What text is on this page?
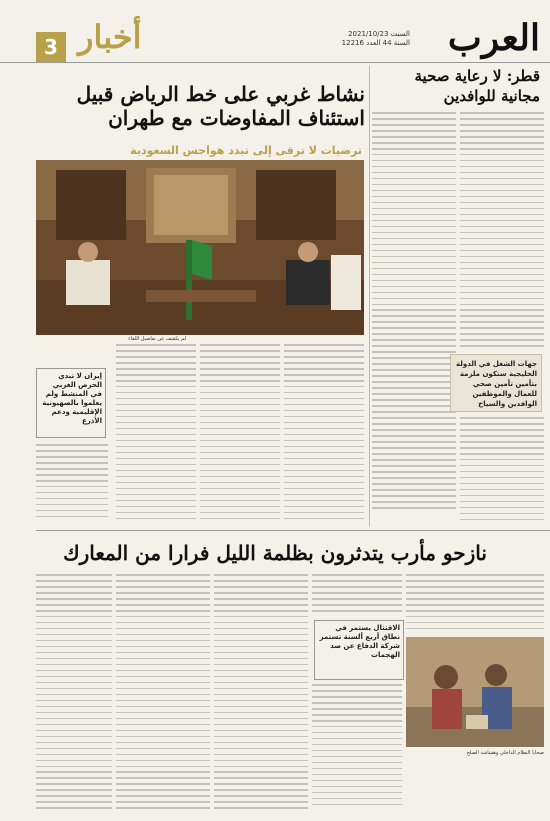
العرب
السبت 2021/10/23
السنة 44 العدد 12216
أخبار
3
قطر: لا رعاية صحية مجانية للوافدين
جهات الشغل في الدولة الخليجية ستكون ملزمة بتأمين تأمين صحي للعمال والموظفين الوافدين والسياح
نشاط غربي على خط الرياض قبيل استئناف المفاوضات مع طهران
ترضيات لا ترقى إلى تبدد هواجس السعودية
لم يكشف عن تفاصيل اللقاء
إيران لا تبدي الحرص الغربي في المنشط ولم يعلموا بالصهيونية الإقليمية ودعم الأذرع
نازحو مأرب يتدثرون بظلمة الليل فرارا من المعارك
ضحايا النظام الداخلي وهشاشة الصلح
الاقتتال يستمر في نطاق أربع ألسنة تستمر شركة الدفاع عن صد الهجمات
